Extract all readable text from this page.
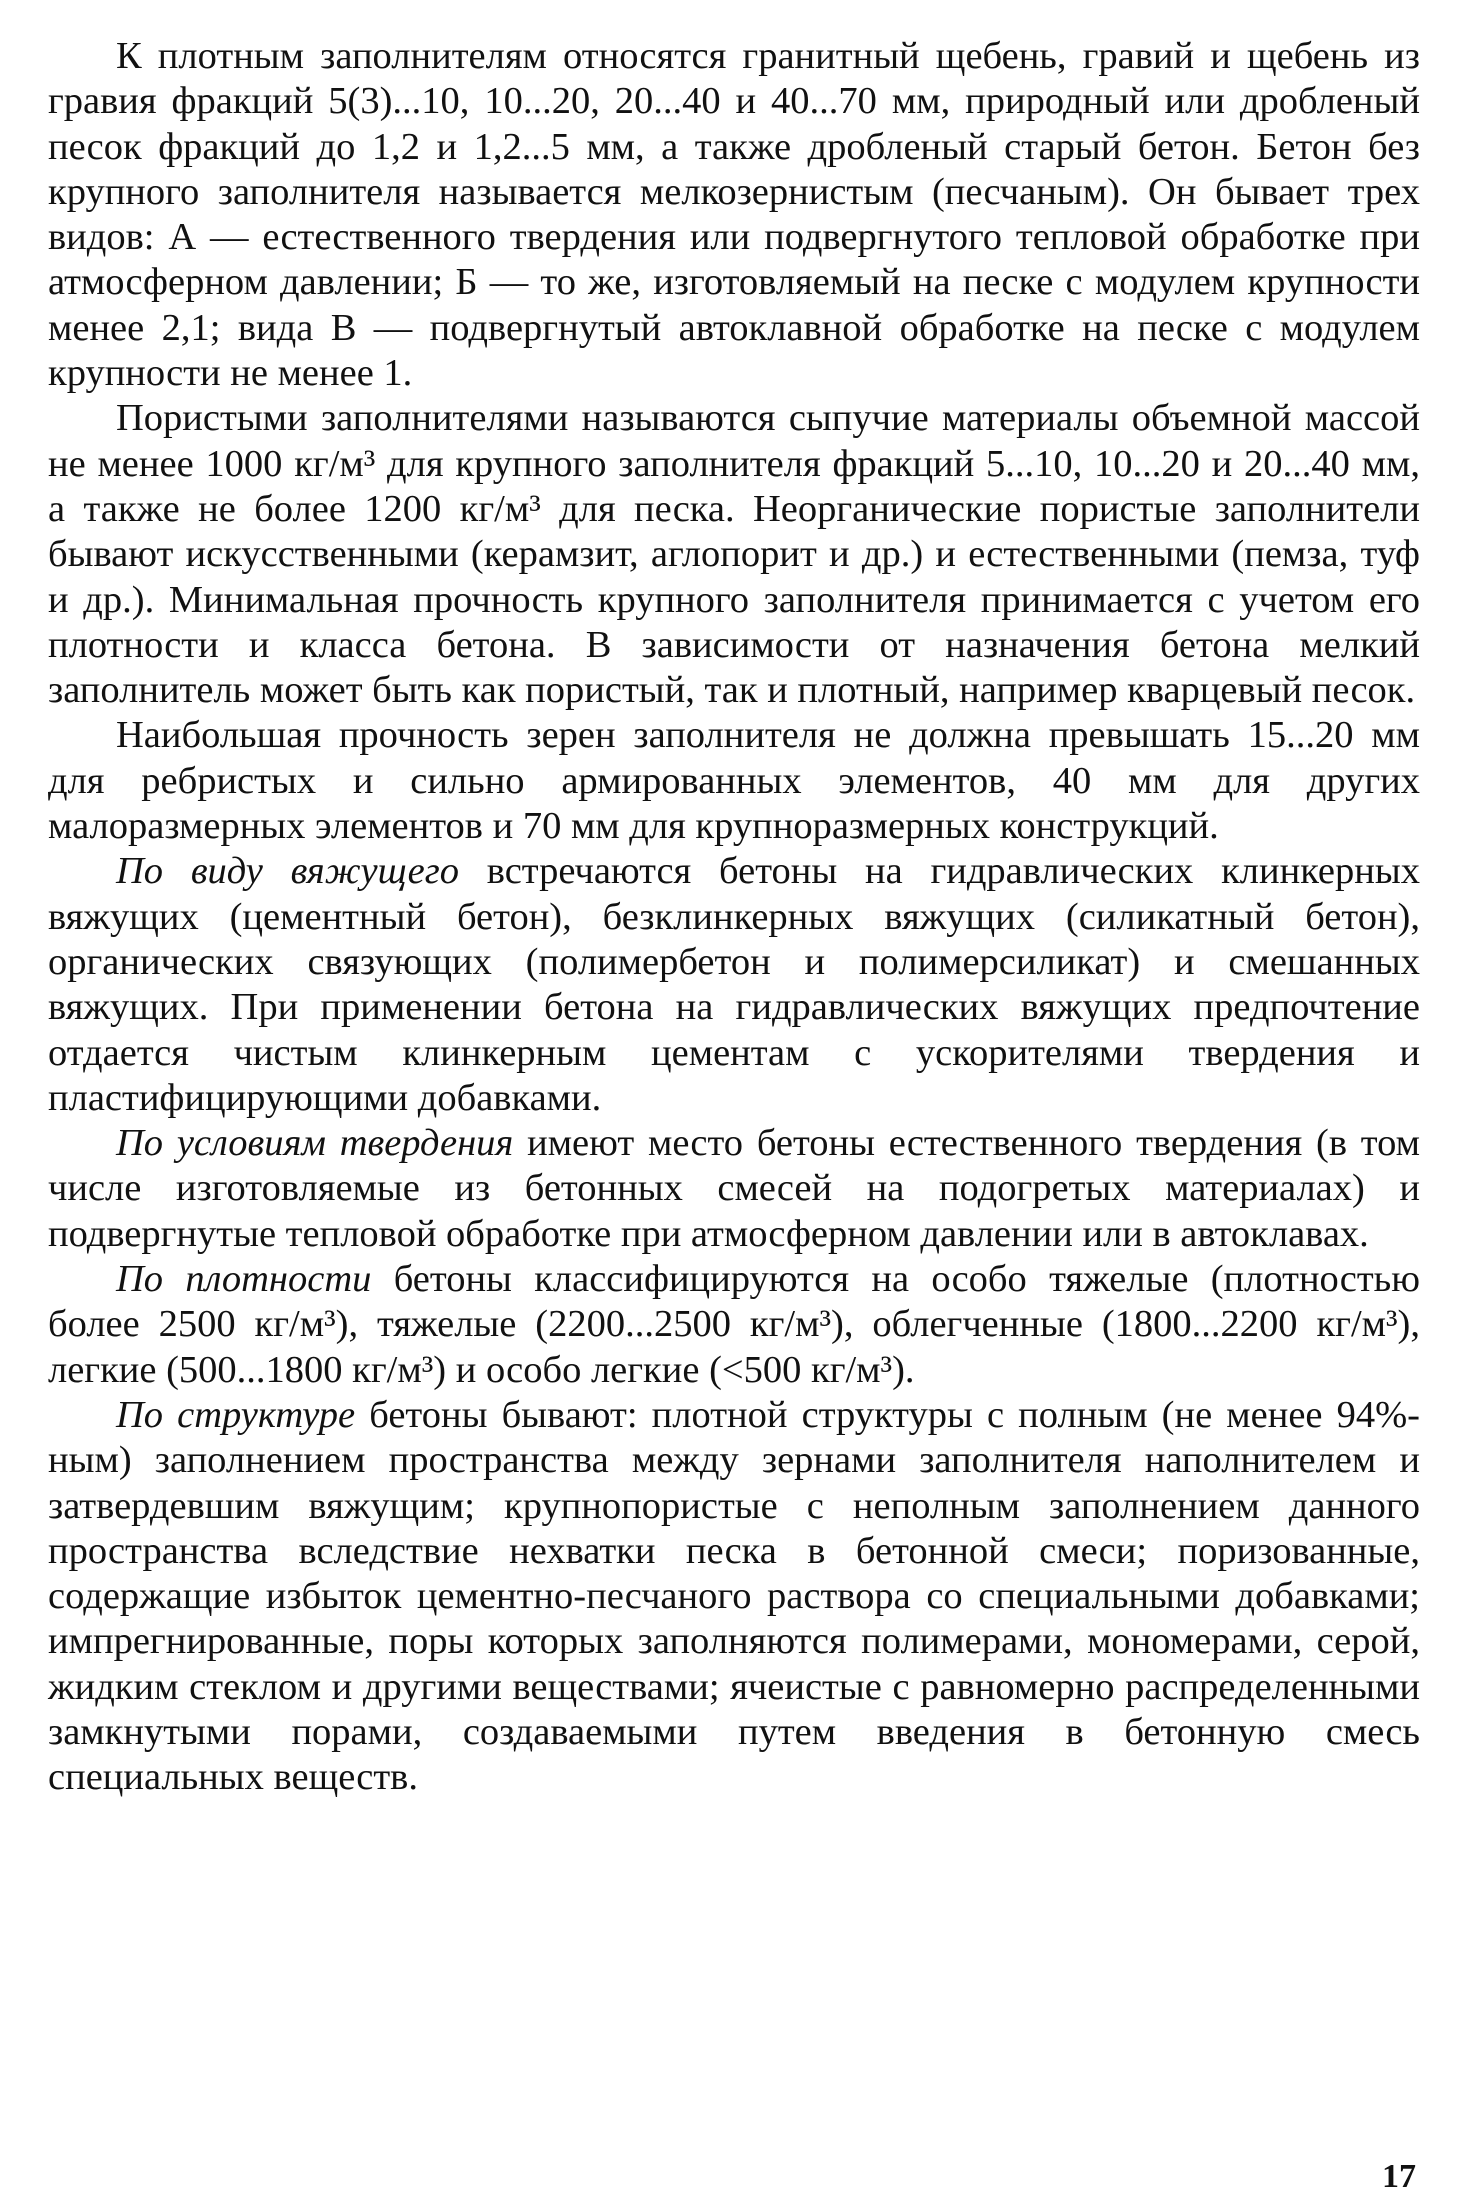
К плотным заполнителям относятся гранитный щебень, гравий и щебень из гравия фракций 5(3)...10, 10...20, 20...40 и 40...70 мм, природный или дробленый песок фракций до 1,2 и 1,2...5 мм, а также дробленый старый бетон. Бетон без крупного заполнителя называется мелкозернистым (песчаным). Он бывает трех видов: А — естественного твердения или подвергнутого тепловой обработке при атмосферном давлении; Б — то же, изготовляемый на песке с модулем крупности менее 2,1; вида В — подвергнутый автоклавной обработке на песке с модулем крупности не менее 1.

Пористыми заполнителями называются сыпучие материалы объемной массой не менее 1000 кг/м³ для крупного заполнителя фракций 5...10, 10...20 и 20...40 мм, а также не более 1200 кг/м³ для песка. Неорганические пористые заполнители бывают искусственными (керамзит, аглопорит и др.) и естественными (пемза, туф и др.). Минимальная прочность крупного заполнителя принимается с учетом его плотности и класса бетона. В зависимости от назначения бетона мелкий заполнитель может быть как пористый, так и плотный, например кварцевый песок.

Наибольшая прочность зерен заполнителя не должна превышать 15...20 мм для ребристых и сильно армированных элементов, 40 мм для других малоразмерных элементов и 70 мм для крупноразмерных конструкций.

По виду вяжущего встречаются бетоны на гидравлических клинкерных вяжущих (цементный бетон), безклинкерных вяжущих (силикатный бетон), органических связующих (полимербетон и полимерсиликат) и смешанных вяжущих. При применении бетона на гидравлических вяжущих предпочтение отдается чистым клинкерным цементам с ускорителями твердения и пластифицирующими добавками.

По условиям твердения имеют место бетоны естественного твердения (в том числе изготовляемые из бетонных смесей на подогретых материалах) и подвергнутые тепловой обработке при атмосферном давлении или в автоклавах.

По плотности бетоны классифицируются на особо тяжелые (плотностью более 2500 кг/м³), тяжелые (2200...2500 кг/м³), облегченные (1800...2200 кг/м³), легкие (500...1800 кг/м³) и особо легкие (<500 кг/м³).

По структуре бетоны бывают: плотной структуры с полным (не менее 94%-ным) заполнением пространства между зернами заполнителя наполнителем и затвердевшим вяжущим; крупнопористые с неполным заполнением данного пространства вследствие нехватки песка в бетонной смеси; поризованные, содержащие избыток цементно-песчаного раствора со специальными добавками; импрегнированные, поры которых заполняются полимерами, мономерами, серой, жидким стеклом и другими веществами; ячеистые с равномерно распределенными замкнутыми порами, создаваемыми путем введения в бетонную смесь специальных веществ.

17
